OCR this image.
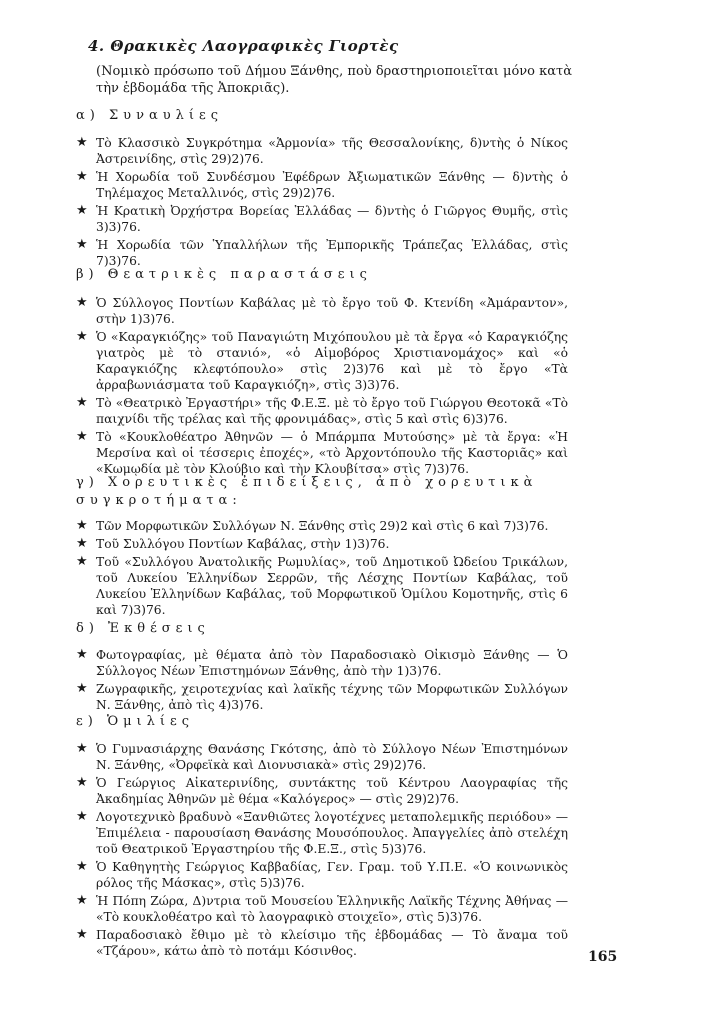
4. Θρακικὲς Λαογραφικὲς Γιορτὲς
(Νομικὸ πρόσωπο τοῦ Δήμου Ξάνθης, ποὺ δραστηριοποιεῖται μόνο κατὰ τὴν ἑβδομάδα τῆς Ἀποκριᾶς).
α) Συναυλίες
★ Τὸ Κλασσικὸ Συγκρότημα «Ἁρμονία» τῆς Θεσσαλονίκης, δ)ντὴς ὁ Νίκος Ἀστρεινίδης, στὶς 29)2)76.
★ Ἡ Χορωδία τοῦ Συνδέσμου Ἐφέδρων Ἀξιωματικῶν Ξάνθης — δ)ντὴς ὁ Τηλέμαχος Μεταλλινός, στὶς 29)2)76.
★ Ἡ Κρατικὴ Ὀρχήστρα Βορείας Ἑλλάδας — δ)ντὴς ὁ Γιῶργος Θυμῆς, στὶς 3)3)76.
★ Ἡ Χορωδία τῶν Ὑπαλλήλων τῆς Ἐμπορικῆς Τράπεζας Ἑλλάδας, στὶς 7)3)76.
β) Θεατρικὲς παραστάσεις
★ Ὁ Σύλλογος Ποντίων Καβάλας μὲ τὸ ἔργο τοῦ Φ. Κτενίδη «Ἀμάραντον», στὴν 1)3)76.
★ Ὁ «Καραγκιόζης» τοῦ Παναγιώτη Μιχόπουλου μὲ τὰ ἔργα «ὁ Καραγκιόζης γιατρὸς μὲ τὸ στανιό», «ὁ Αἱμοβόρος Χριστιανομάχος» καὶ «ὁ Καραγκιόζης κλεφτόπουλο» στὶς 2)3)76 καὶ μὲ τὸ ἔργο «Τὰ ἀρραβωνιάσματα τοῦ Καραγκιόζη», στὶς 3)3)76.
★ Τὸ «Θεατρικὸ Ἐργαστήρι» τῆς Φ.Ε.Ξ. μὲ τὸ ἔργο τοῦ Γιώργου Θεοτοκᾶ «Τὸ παιχνίδι τῆς τρέλας καὶ τῆς φρονιμάδας», στὶς 5 καὶ στὶς 6)3)76.
★ Τὸ «Κουκλοθέατρο Ἀθηνῶν — ὁ Μπάρμπα Μυτούσης» μὲ τὰ ἔργα: «Ἡ Μερσίνα καὶ οἱ τέσσερις ἐποχές», «τὸ Ἀρχοντόπουλο τῆς Καστοριᾶς» καὶ «Κωμῳδία μὲ τὸν Κλούβιο καὶ τὴν Κλουβίτσα» στὶς 7)3)76.
γ) Χορευτικὲς ἐπιδείξεις, ἀπὸ χορευτικὰ συγκροτήματα:
★ Τῶν Μορφωτικῶν Συλλόγων Ν. Ξάνθης στὶς 29)2 καὶ στὶς 6 καὶ 7)3)76.
★ Τοῦ Συλλόγου Ποντίων Καβάλας, στὴν 1)3)76.
★ Τοῦ «Συλλόγου Ἀνατολικῆς Ρωμυλίας», τοῦ Δημοτικοῦ Ὠδείου Τρικάλων, τοῦ Λυκείου Ἑλληνίδων Σερρῶν, τῆς Λέσχης Ποντίων Καβάλας, τοῦ Λυκείου Ἑλληνίδων Καβάλας, τοῦ Μορφωτικοῦ Ὁμίλου Κομοτηνῆς, στὶς 6 καὶ 7)3)76.
δ) Ἐκθέσεις
★ Φωτογραφίας, μὲ θέματα ἀπὸ τὸν Παραδοσιακὸ Οἰκισμὸ Ξάνθης — Ὁ Σύλλογος Νέων Ἐπιστημόνων Ξάνθης, ἀπὸ τὴν 1)3)76.
★ Ζωγραφικῆς, χειροτεχνίας καὶ λαϊκῆς τέχνης τῶν Μορφωτικῶν Συλλόγων Ν. Ξάνθης, ἀπὸ τὶς 4)3)76.
ε) Ὁμιλίες
★ Ὁ Γυμνασιάρχης Θανάσης Γκότσης, ἀπὸ τὸ Σύλλογο Νέων Ἐπιστημόνων Ν. Ξάνθης, «Ὀρφεϊκὰ καὶ Διονυσιακὰ» στὶς 29)2)76.
★ Ὁ Γεώργιος Αἰκατερινίδης, συντάκτης τοῦ Κέντρου Λαογραφίας τῆς Ἀκαδημίας Ἀθηνῶν μὲ θέμα «Καλόγερος» — στὶς 29)2)76.
★ Λογοτεχνικὸ βραδυνὸ «Ξανθιῶτες λογοτέχνες μεταπολεμικῆς περιόδου» — Ἐπιμέλεια - παρουσίαση Θανάσης Μουσόπουλος. Ἀπαγγελίες ἀπὸ στελέχη τοῦ Θεατρικοῦ Ἐργαστηρίου τῆς Φ.Ε.Ξ., στὶς 5)3)76.
★ Ὁ Καθηγητὴς Γεώργιος Καββαδίας, Γεν. Γραμ. τοῦ Υ.Π.Ε. «Ὁ κοινωνικὸς ρόλος τῆς Μάσκας», στὶς 5)3)76.
★ Ἡ Πόπη Ζώρα, Δ)ντρια τοῦ Μουσείου Ἑλληνικῆς Λαϊκῆς Τέχνης Ἀθήνας — «Τὸ κουκλοθέατρο καὶ τὸ λαογραφικὸ στοιχεῖο», στὶς 5)3)76.
★ Παραδοσιακὸ ἔθιμο μὲ τὸ κλείσιμο τῆς ἑβδομάδας — Τὸ ἄναμα τοῦ «Τζάρου», κάτω ἀπὸ τὸ ποτάμι Κόσινθος.	165
